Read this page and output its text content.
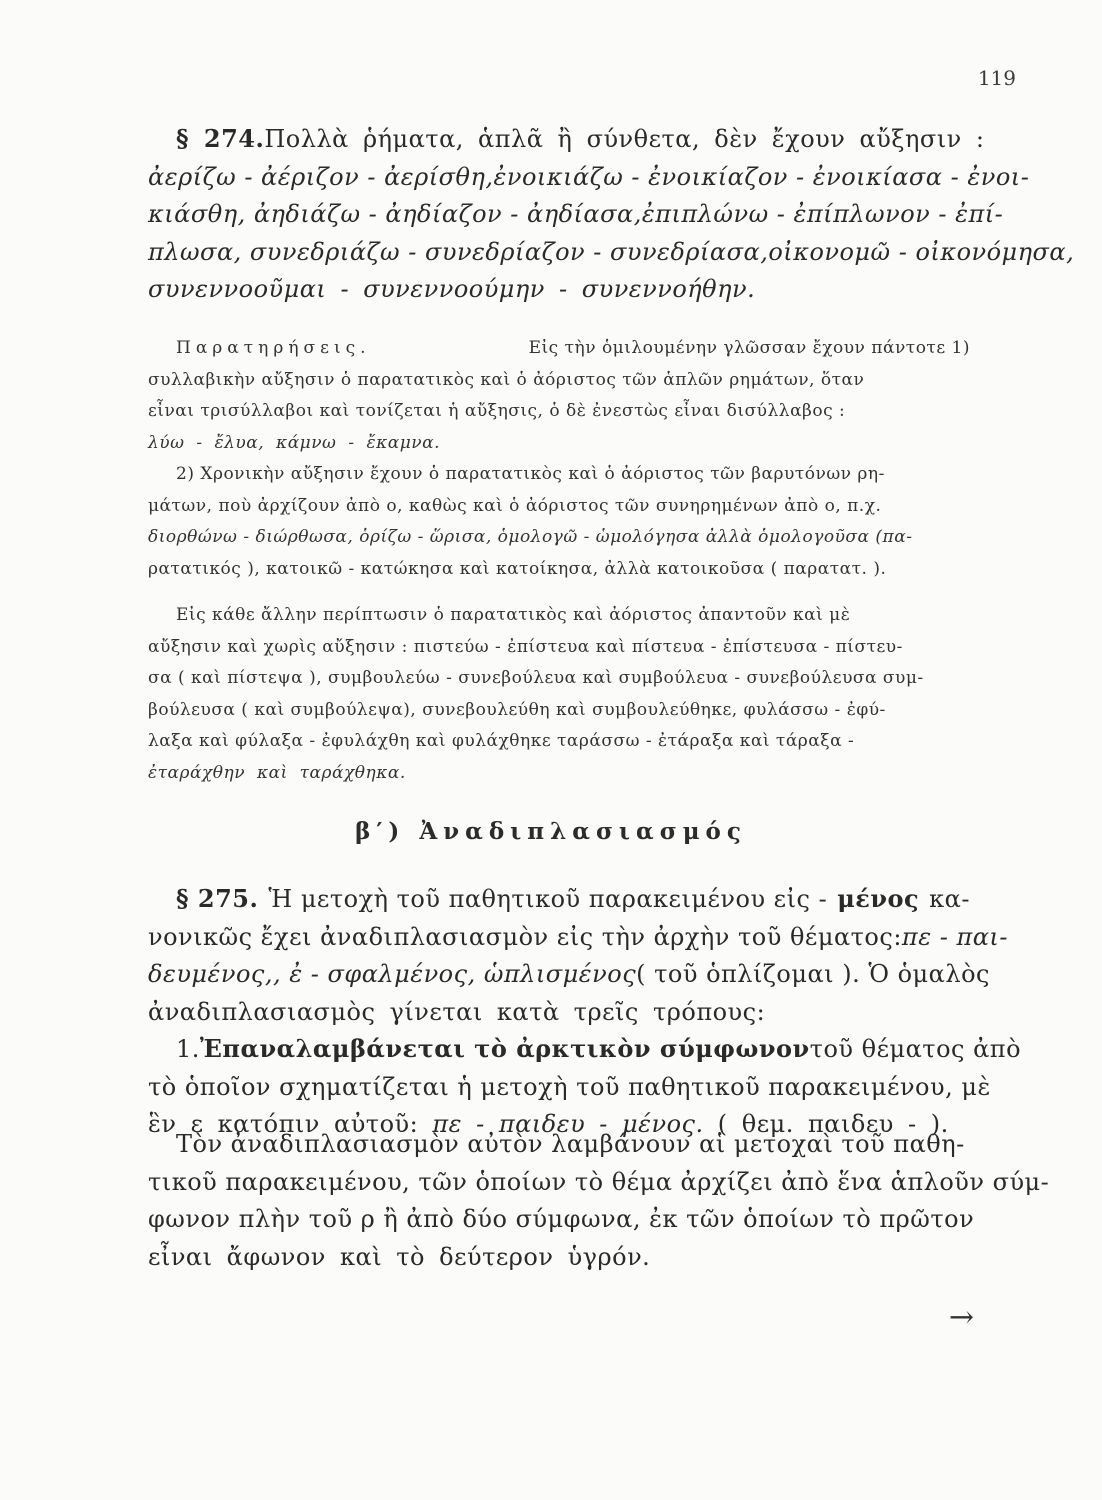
119
§ 274. Πολλὰ ῥήματα, ἁπλᾶ ἢ σύνθετα, δὲν ἔχουν αὔξησιν :
ἀερίζω - ἀέριζον - ἀερίσθη, ἐνοικιάζω - ἐνοικίαζον - ἐνοικίασα - ἐνοι-
κιάσθη, ἀηδιάζω - ἀηδίαζον - ἀηδίασα, ἐπιπλώνω - ἐπίπλωνον - ἐπί-
πλωσα, συνεδριάζω - συνεδρίαζον - συνεδρίασα, οἰκονομῶ - οἰκονόμησα,
συνεννοοῦμαι - συνεννοούμην - συνεννοήθην.
Παρατηρήσεις.	Εἰς τὴν ὁμιλουμένην γλῶσσαν ἔχουν πάντοτε 1)
συλλαβικὴν αὔξησιν ὁ παρατατικὸς καὶ ὁ ἀόριστος τῶν ἁπλῶν ρημάτων, ὅταν
εἶναι τρισύλλαβοι καὶ τονίζεται ἡ αὔξησις, ὁ δὲ ἐνεστὼς εἶναι δισύλλαβος :
λύω - ἔλυα, κάμνω - ἔκαμνα.
2) Χρονικὴν αὔξησιν ἔχουν ὁ παρατατικὸς καὶ ὁ ἀόριστος τῶν βαρυτόνων ρη-
μάτων, ποὺ ἀρχίζουν ἀπὸ ο, καθὼς καὶ ὁ ἀόριστος τῶν συνηρημένων ἀπὸ ο, π.χ.
διορθώνω - διώρθωσα, ὁρίζω - ὥρισα, ὁμολογῶ - ὡμολόγησα ἀλλὰ ὁμολογοῦσα (πα-
ρατατικός ), κατοικῶ - κατώκησα καὶ κατοίκησα, ἀλλὰ κατοικοῦσα ( παρατατ. ).
Εἰς κάθε ἄλλην περίπτωσιν ὁ παρατατικὸς καὶ ἀόριστος ἀπαντοῦν καὶ μὲ
αὔξησιν καὶ χωρὶς αὔξησιν : πιστεύω - ἐπίστευα καὶ πίστευα - ἐπίστευσα - πίστευ-
σα ( καὶ πίστεψα ), συμβουλεύω - συνεβούλευα καὶ συμβούλευα - συνεβούλευσα συμ-
βούλευσα ( καὶ συμβούλεψα), συνεβουλεύθη καὶ συμβουλεύθηκε, φυλάσσω - ἐφύ-
λαξα καὶ φύλαξα - ἐφυλάχθη καὶ φυλάχθηκε ταράσσω - ἐτάραξα καὶ τάραξα -
ἐταράχθην καὶ ταράχθηκα.
β′) Ἀναδιπλασιασμός
§ 275. Ἡ μετοχὴ τοῦ παθητικοῦ παρακειμένου εἰς - μένος κα-
νονικῶς ἔχει ἀναδιπλασιασμὸν εἰς τὴν ἀρχὴν τοῦ θέματος: πε - παι-
δευμένος,, ἐ - σφαλμένος, ὡπλισμένος ( τοῦ ὁπλίζομαι ). Ὁ ὁμαλὸς
ἀναδιπλασιασμὸς γίνεται κατὰ τρεῖς τρόπους:
1. Ἐπαναλαμβάνεται τὸ ἀρκτικὸν σύμφωνον τοῦ θέματος ἀπὸ
τὸ ὁποῖον σχηματίζεται ἡ μετοχὴ τοῦ παθητικοῦ παρακειμένου, μὲ
ἓν ε κατόπιν αὐτοῦ:
πε - παιδευ - μένος.
( θεμ. παιδευ - ).
Τὸν ἀναδιπλασιασμὸν αὐτὸν λαμβάνουν αἱ μετοχαὶ τοῦ παθη-
τικοῦ παρακειμένου, τῶν ὁποίων τὸ θέμα ἀρχίζει ἀπὸ ἕνα ἁπλοῦν σύμ-
φωνον πλὴν τοῦ ρ ἢ ἀπὸ δύο σύμφωνα, ἐκ τῶν ὁποίων τὸ πρῶτον
εἶναι ἄφωνον καὶ τὸ δεύτερον ὑγρόν.
→
